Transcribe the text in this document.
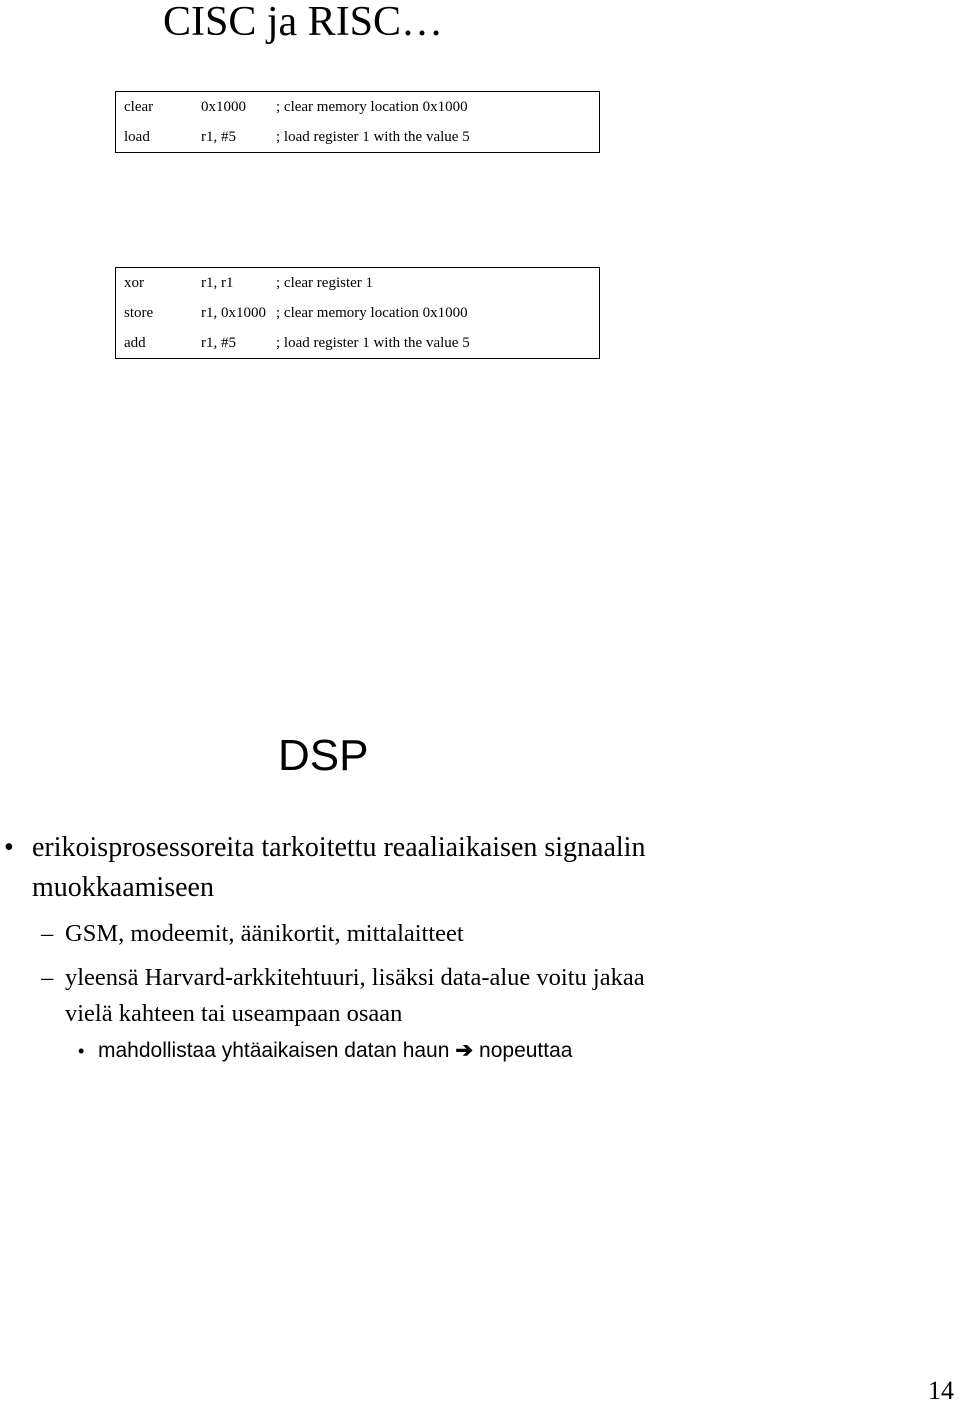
CISC ja RISC…
clear	0x1000 ; clear memory location 0x1000
load	r1, #5	; load register 1 with the value 5
xor	r1, r1	; clear register 1
store	r1, 0x1000 ; clear memory location 0x1000
add	r1, #5	; load register 1 with the value 5
DSP
• erikoisprosessoreita tarkoitettu reaaliaikaisen signaalin muokkaamiseen
– GSM, modeemit, äänikortit, mittalaitteet
– yleensä Harvard-arkkitehtuuri, lisäksi data-alue voitu jakaa vielä kahteen tai useampaan osaan
• mahdollistaa yhtäaikaisen datan haun ➔ nopeuttaa
14
